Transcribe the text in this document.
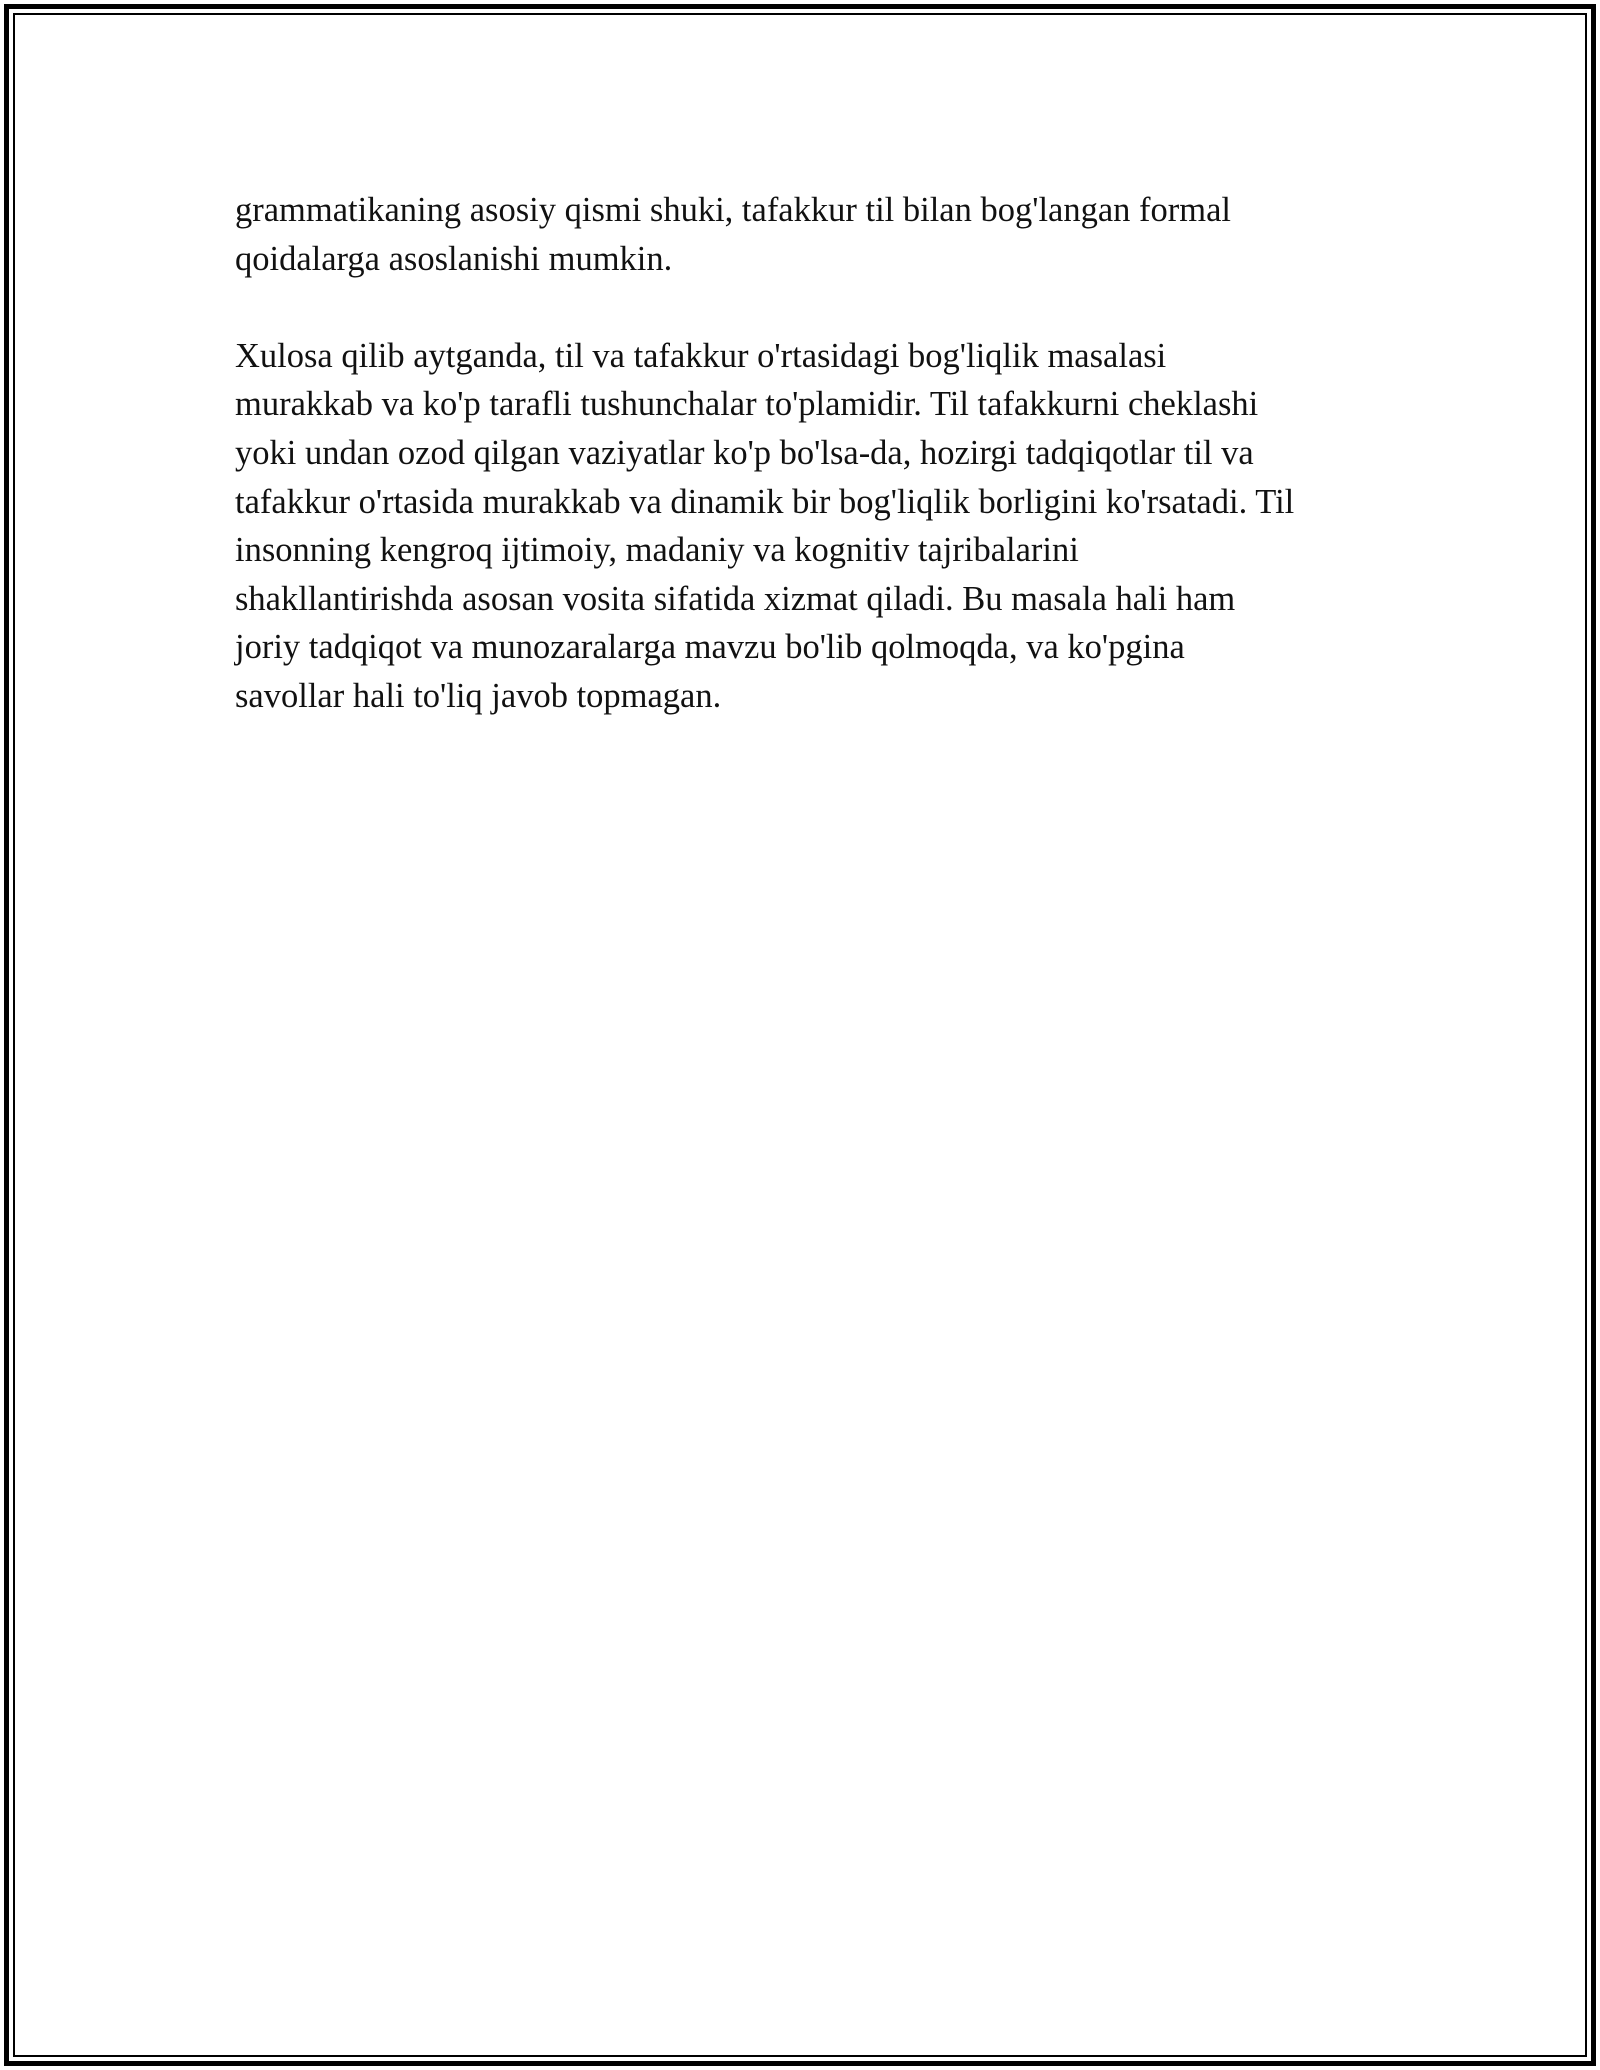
grammatikaning asosiy qismi shuki, tafakkur til bilan bog'langan formal
qoidalarga asoslanishi mumkin.

Xulosa qilib aytganda, til va tafakkur o'rtasidagi bog'liqlik masalasi
murakkab va ko'p tarafli tushunchalar to'plamidir. Til tafakkurni cheklashi
yoki undan ozod qilgan vaziyatlar ko'p bo'lsa-da, hozirgi tadqiqotlar til va
tafakkur o'rtasida murakkab va dinamik bir bog'liqlik borligini ko'rsatadi. Til
insonning kengroq ijtimoiy, madaniy va kognitiv tajribalarini
shakllantirishda asosan vosita sifatida xizmat qiladi. Bu masala hali ham
joriy tadqiqot va munozaralarga mavzu bo'lib qolmoqda, va ko'pgina
savollar hali to'liq javob topmagan.
